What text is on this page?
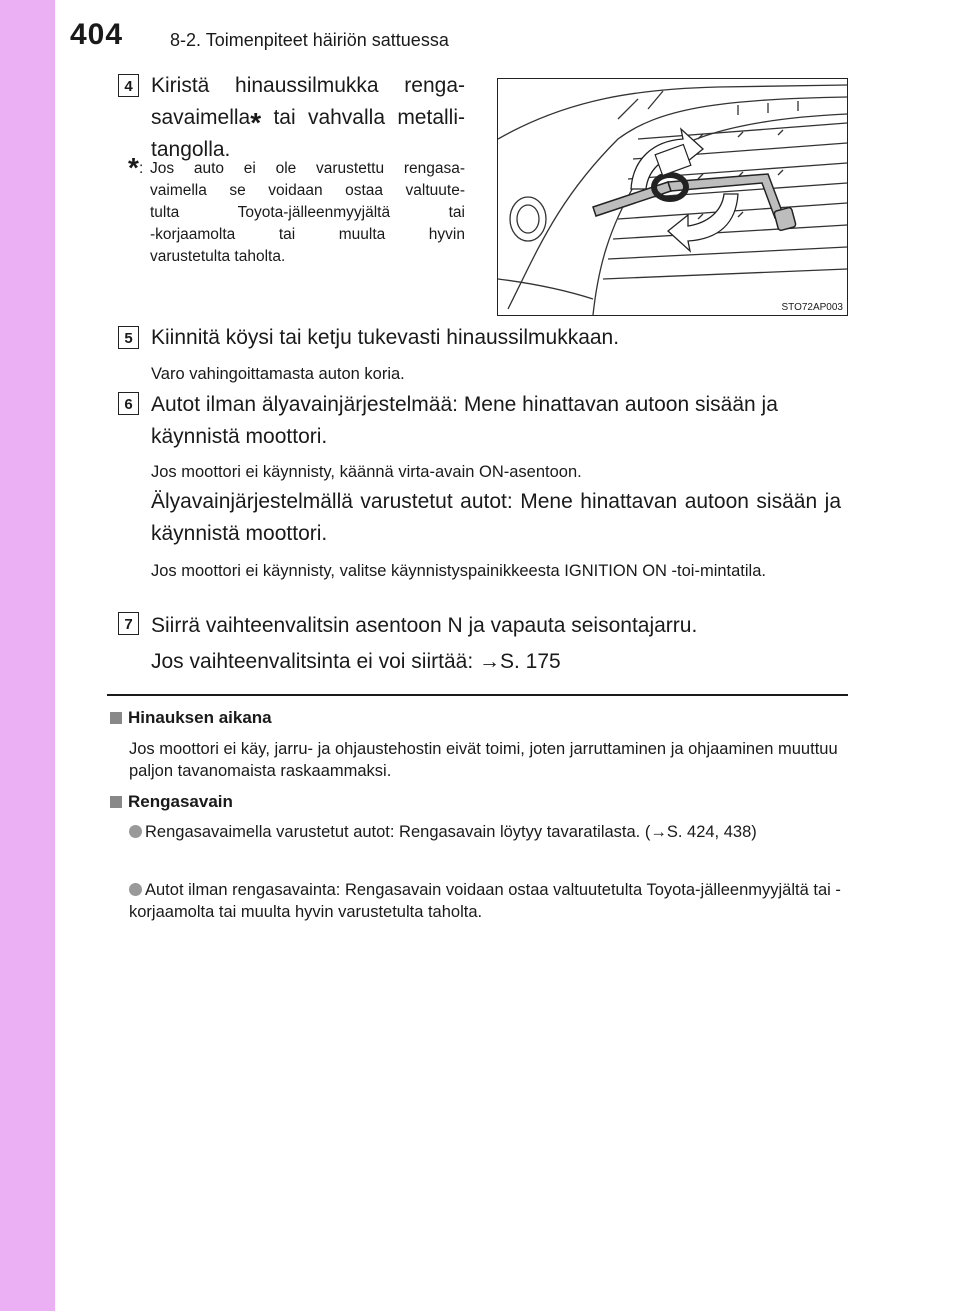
404	8-2. Toimenpiteet häiriön sattuessa
4 Kiristä hinaussilmukka renga-
savaimella* tai vahvalla metalli-
tangolla.
* : Jos auto ei ole varustettu rengasa-
vaimella se voidaan ostaa valtuute-
tulta Toyota-jälleenmyyjältä tai
-korjaamolta tai muulta hyvin
varustetulta taholta.
STO72AP003
5 Kiinnitä köysi tai ketju tukevasti hinaussilmukkaan.
Varo vahingoittamasta auton koria.
6 Autot ilman älyavainjärjestelmää: Mene hinattavan autoon sisään ja käynnistä moottori.
Jos moottori ei käynnisty, käännä virta-avain ON-asentoon.
Älyavainjärjestelmällä varustetut autot: Mene hinattavan autoon sisään ja käynnistä moottori.
Jos moottori ei käynnisty, valitse käynnistyspainikkeesta IGNITION ON -toi-mintatila.
7 Siirrä vaihteenvalitsin asentoon N ja vapauta seisontajarru.
Jos vaihteenvalitsinta ei voi siirtää: →S. 175
Hinauksen aikana
Jos moottori ei käy, jarru- ja ohjaustehostin eivät toimi, joten jarruttaminen ja ohjaaminen muuttuu paljon tavanomaista raskaammaksi.
Rengasavain
Rengasavaimella varustetut autot: Rengasavain löytyy tavaratilasta. (→S. 424, 438)
Autot ilman rengasavainta: Rengasavain voidaan ostaa valtuutetulta Toyota-jälleenmyyjältä tai -korjaamolta tai muulta hyvin varustetulta taholta.
